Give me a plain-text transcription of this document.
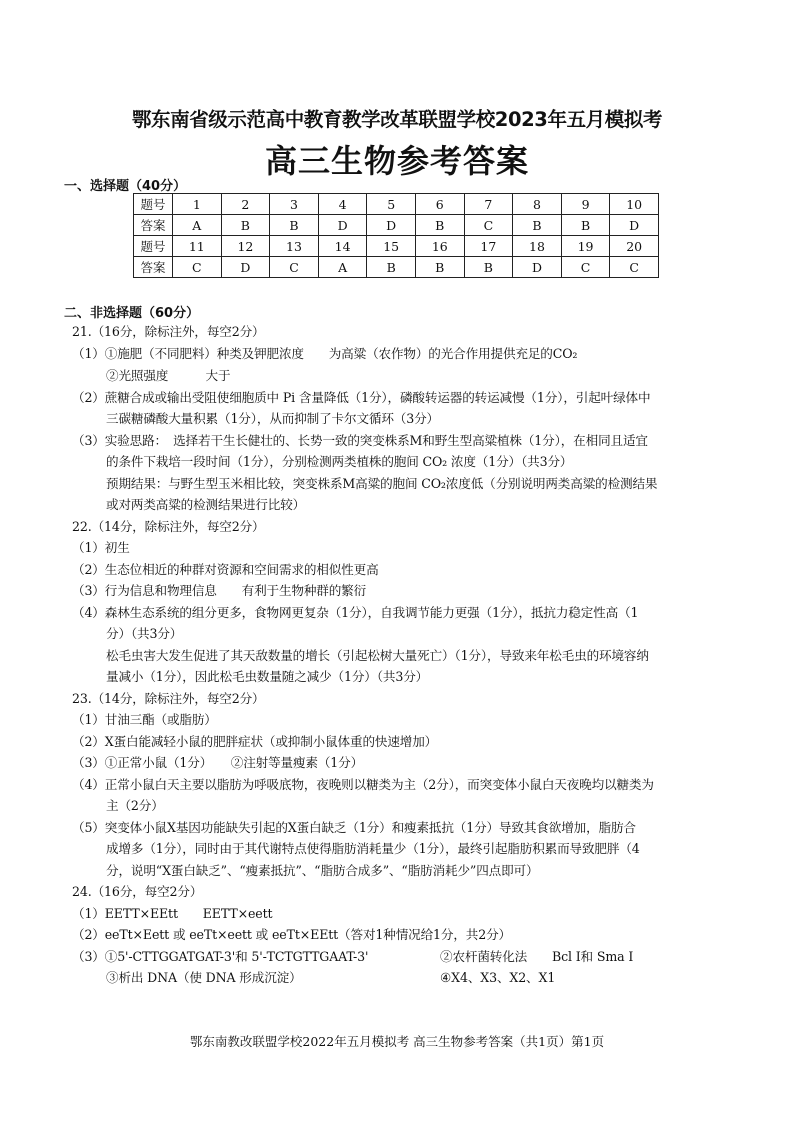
鄂东南省级示范高中教育教学改革联盟学校2023年五月模拟考
高三生物参考答案
一、选择题（40分）
题号	1	2	3	4	5	6	7	8	9	10
答案	A	B	B	D	D	B	C	B	B	D
题号	11	12	13	14	15	16	17	18	19	20
答案	C	D	C	A	B	B	B	D	C	C
二、非选择题（60分）
21.（16分，除标注外，每空2分）
（1）①施肥（不同肥料）种类及钾肥浓度　　为高粱（农作物）的光合作用提供充足的CO₂
②光照强度　　　大于
（2）蔗糖合成或输出受阻使细胞质中 Pi 含量降低（1分），磷酸转运器的转运减慢（1分），引起叶绿体中
三碳糖磷酸大量积累（1分），从而抑制了卡尔文循环（3分）
（3）实验思路：　选择若干生长健壮的、长势一致的突变株系M和野生型高粱植株（1分），在相同且适宜
的条件下栽培一段时间（1分），分别检测两类植株的胞间 CO₂ 浓度（1分）（共3分）
预期结果：与野生型玉米相比较，突变株系M高粱的胞间 CO₂浓度低（分别说明两类高粱的检测结果
或对两类高粱的检测结果进行比较）
22.（14分，除标注外，每空2分）
（1）初生
（2）生态位相近的种群对资源和空间需求的相似性更高
（3）行为信息和物理信息　　有利于生物种群的繁衍
（4）森林生态系统的组分更多，食物网更复杂（1分），自我调节能力更强（1分），抵抗力稳定性高（1
分）（共3分）
松毛虫害大发生促进了其天敌数量的增长（引起松树大量死亡）（1分），导致来年松毛虫的环境容纳
量减小（1分），因此松毛虫数量随之减少（1分）（共3分）
23.（14分，除标注外，每空2分）
（1）甘油三酯（或脂肪）
（2）X蛋白能减轻小鼠的肥胖症状（或抑制小鼠体重的快速增加）
（3）①正常小鼠（1分）　　②注射等量瘦素（1分）
（4）正常小鼠白天主要以脂肪为呼吸底物，夜晚则以糖类为主（2分），而突变体小鼠白天夜晚均以糖类为
主（2分）
（5）突变体小鼠X基因功能缺失引起的X蛋白缺乏（1分）和瘦素抵抗（1分）导致其食欲增加，脂肪合
成增多（1分），同时由于其代谢特点使得脂肪消耗量少（1分），最终引起脂肪积累而导致肥胖（4
分，说明“X蛋白缺乏”、“瘦素抵抗”、“脂肪合成多”、“脂肪消耗少”四点即可）
24.（16分，每空2分）
（1）EETT×EEtt　　EETT×eett
（2）eeTt×Eett 或 eeTt×eett 或 eeTt×EEtt（答对1种情况给1分，共2分）
（3）①5'-CTTGGATGAT-3'和 5'-TCTGTTGAAT-3'	②农杆菌转化法　　Bcl I和 Sma I
③析出 DNA（使 DNA 形成沉淀）	④X4、X3、X2、X1
鄂东南教改联盟学校2022年五月模拟考 高三生物参考答案（共1页）第1页
